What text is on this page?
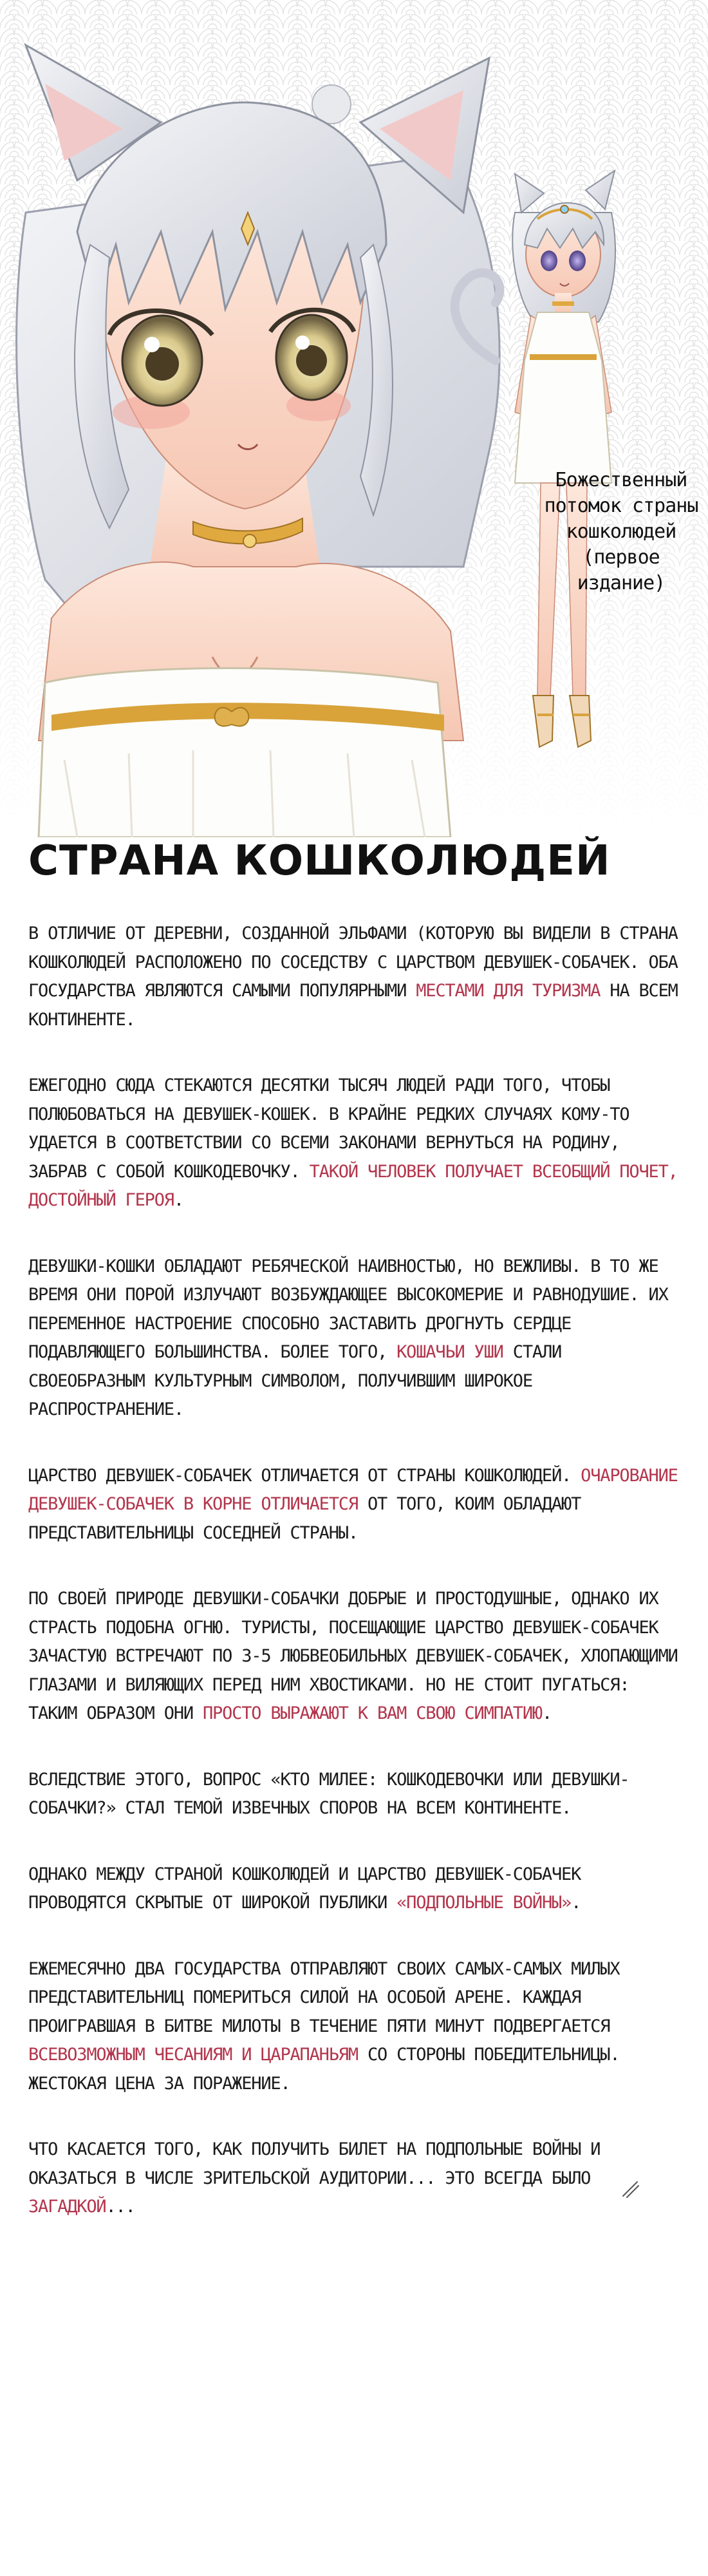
Божественный
потомок страны
кошколюдей
(первое издание)
СТРАНА КОШКОЛЮДЕЙ

В ОТЛИЧИЕ ОТ ДЕРЕВНИ, СОЗДАННОЙ ЭЛЬФАМИ (КОТОРУЮ ВЫ ВИДЕЛИ В СТРАНА КОШКОЛЮДЕЙ РАСПОЛОЖЕНО ПО СОСЕДСТВУ С ЦАРСТВОМ ДЕВУШЕК-СОБАЧЕК. ОБА ГОСУДАРСТВА ЯВЛЯЮТСЯ САМЫМИ ПОПУЛЯРНЫМИ МЕСТАМИ ДЛЯ ТУРИЗМА НА ВСЕМ КОНТИНЕНТЕ.

ЕЖЕГОДНО СЮДА СТЕКАЮТСЯ ДЕСЯТКИ ТЫСЯЧ ЛЮДЕЙ РАДИ ТОГО, ЧТОБЫ ПОЛЮБОВАТЬСЯ НА ДЕВУШЕК-КОШЕК. В КРАЙНЕ РЕДКИХ СЛУЧАЯХ КОМУ-ТО УДАЕТСЯ В СООТВЕТСТВИИ СО ВСЕМИ ЗАКОНАМИ ВЕРНУТЬСЯ НА РОДИНУ, ЗАБРАВ С СОБОЙ КОШКОДЕВОЧКУ. ТАКОЙ ЧЕЛОВЕК ПОЛУЧАЕТ ВСЕОБЩИЙ ПОЧЕТ, ДОСТОЙНЫЙ ГЕРОЯ.

ДЕВУШКИ-КОШКИ ОБЛАДАЮТ РЕБЯЧЕСКОЙ НАИВНОСТЬЮ, НО ВЕЖЛИВЫ. В ТО ЖЕ ВРЕМЯ ОНИ ПОРОЙ ИЗЛУЧАЮТ ВОЗБУЖДАЮЩЕЕ ВЫСОКОМЕРИЕ И РАВНОДУШИЕ. ИХ ПЕРЕМЕННОЕ НАСТРОЕНИЕ СПОСОБНО ЗАСТАВИТЬ ДРОГНУТЬ СЕРДЦЕ ПОДАВЛЯЮЩЕГО БОЛЬШИНСТВА. БОЛЕЕ ТОГО, КОШАЧЬИ УШИ СТАЛИ СВОЕОБРАЗНЫМ КУЛЬТУРНЫМ СИМВОЛОМ, ПОЛУЧИВШИМ ШИРОКОЕ РАСПРОСТРАНЕНИЕ.

ЦАРСТВО ДЕВУШЕК-СОБАЧЕК ОТЛИЧАЕТСЯ ОТ СТРАНЫ КОШКОЛЮДЕЙ. ОЧАРОВАНИЕ ДЕВУШЕК-СОБАЧЕК В КОРНЕ ОТЛИЧАЕТСЯ ОТ ТОГО, КОИМ ОБЛАДАЮТ ПРЕДСТАВИТЕЛЬНИЦЫ СОСЕДНЕЙ СТРАНЫ.

ПО СВОЕЙ ПРИРОДЕ ДЕВУШКИ-СОБАЧКИ ДОБРЫЕ И ПРОСТОДУШНЫЕ, ОДНАКО ИХ СТРАСТЬ ПОДОБНА ОГНЮ. ТУРИСТЫ, ПОСЕЩАЮЩИЕ ЦАРСТВО ДЕВУШЕК-СОБАЧЕК ЗАЧАСТУЮ ВСТРЕЧАЮТ ПО 3-5 ЛЮБВЕОБИЛЬНЫХ ДЕВУШЕК-СОБАЧЕК, ХЛОПАЮЩИМИ ГЛАЗАМИ И ВИЛЯЮЩИХ ПЕРЕД НИМ ХВОСТИКАМИ. НО НЕ СТОИТ ПУГАТЬСЯ: ТАКИМ ОБРАЗОМ ОНИ ПРОСТО ВЫРАЖАЮТ К ВАМ СВОЮ СИМПАТИЮ.

ВСЛЕДСТВИЕ ЭТОГО, ВОПРОС «КТО МИЛЕЕ: КОШКОДЕВОЧКИ ИЛИ ДЕВУШКИ-СОБАЧКИ?» СТАЛ ТЕМОЙ ИЗВЕЧНЫХ СПОРОВ НА ВСЕМ КОНТИНЕНТЕ.

ОДНАКО МЕЖДУ СТРАНОЙ КОШКОЛЮДЕЙ И ЦАРСТВО ДЕВУШЕК-СОБАЧЕК ПРОВОДЯТСЯ СКРЫТЫЕ ОТ ШИРОКОЙ ПУБЛИКИ «ПОДПОЛЬНЫЕ ВОЙНЫ».

ЕЖЕМЕСЯЧНО ДВА ГОСУДАРСТВА ОТПРАВЛЯЮТ СВОИХ САМЫХ-САМЫХ МИЛЫХ ПРЕДСТАВИТЕЛЬНИЦ ПОМЕРИТЬСЯ СИЛОЙ НА ОСОБОЙ АРЕНЕ. КАЖДАЯ ПРОИГРАВШАЯ В БИТВЕ МИЛОТЫ В ТЕЧЕНИЕ ПЯТИ МИНУТ ПОДВЕРГАЕТСЯ ВСЕВОЗМОЖНЫМ ЧЕСАНИЯМ И ЦАРАПАНЬЯМ СО СТОРОНЫ ПОБЕДИТЕЛЬНИЦЫ. ЖЕСТОКАЯ ЦЕНА ЗА ПОРАЖЕНИЕ.

ЧТО КАСАЕТСЯ ТОГО, КАК ПОЛУЧИТЬ БИЛЕТ НА ПОДПОЛЬНЫЕ ВОЙНЫ И ОКАЗАТЬСЯ В ЧИСЛЕ ЗРИТЕЛЬСКОЙ АУДИТОРИИ... ЭТО ВСЕГДА БЫЛО ЗАГАДКОЙ...
